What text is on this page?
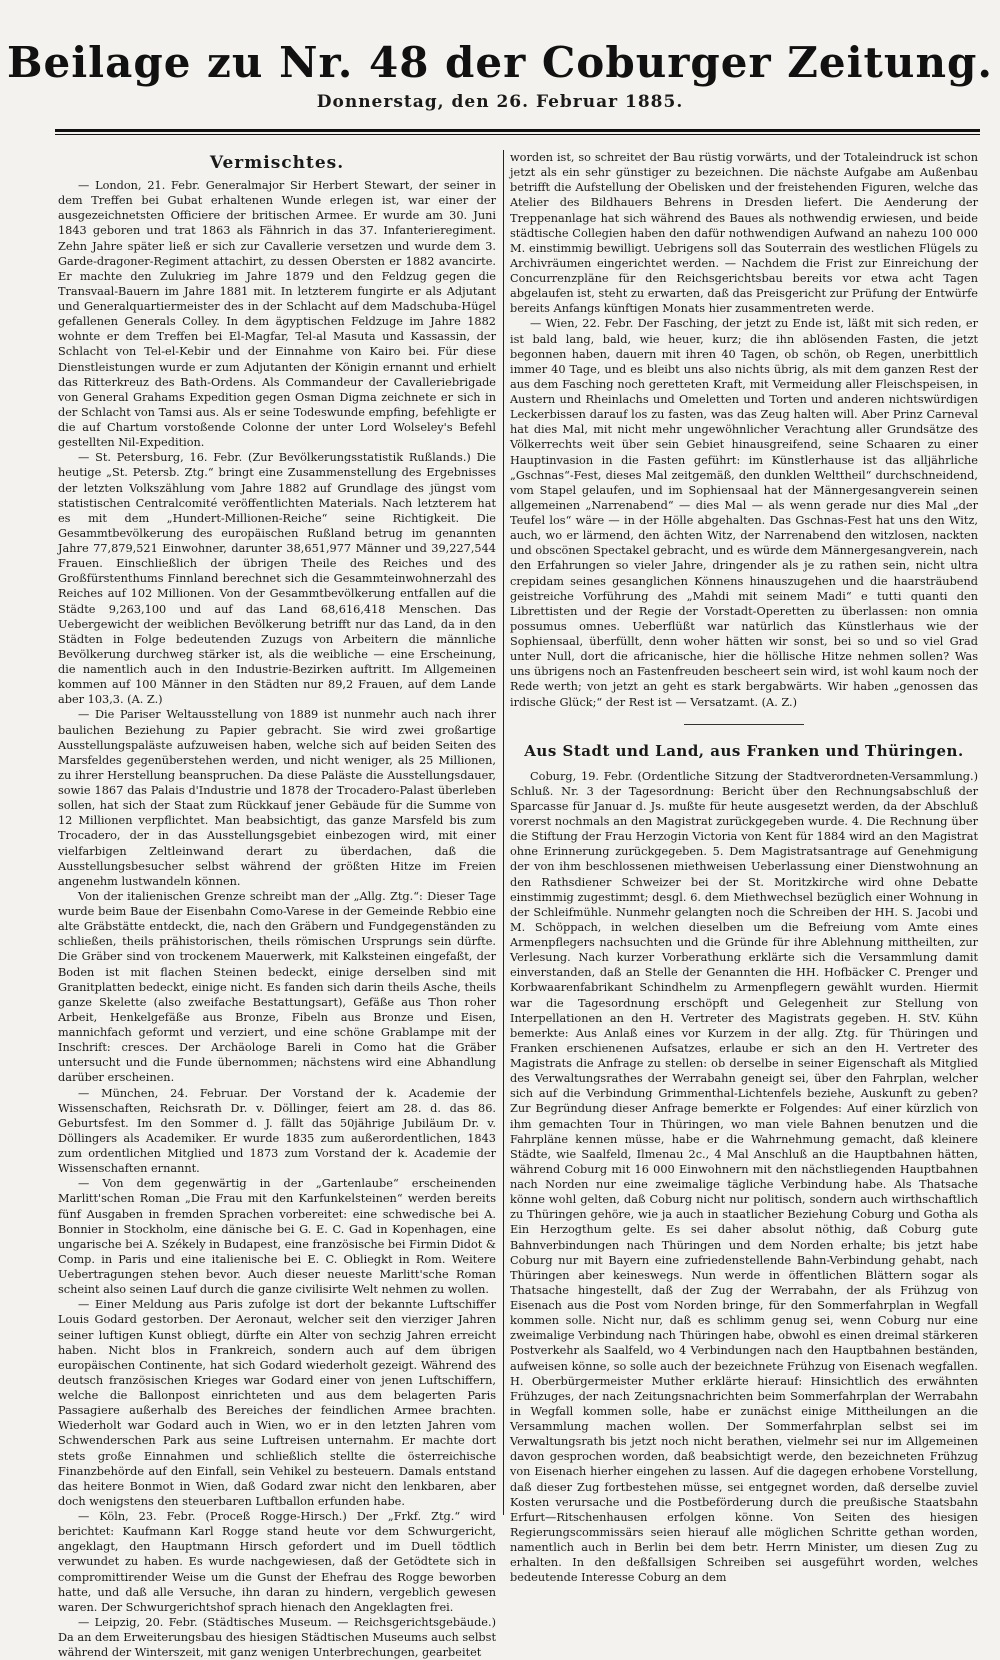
Beilage zu Nr. 48 der Coburger Zeitung.
Donnerstag, den 26. Februar 1885.
Vermischtes.

— London, 21. Febr. Generalmajor Sir Herbert Stewart, der seiner in dem Treffen bei Gubat erhaltenen Wunde erlegen ist, war einer der ausgezeichnetsten Officiere der britischen Armee. Er wurde am 30. Juni 1843 geboren und trat 1863 als Fähnrich in das 37. Infanterieregiment. Zehn Jahre später ließ er sich zur Cavallerie versetzen und wurde dem 3. Garde-dragoner-Regiment attachirt, zu dessen Obersten er 1882 avancirte. Er machte den Zulukrieg im Jahre 1879 und den Feldzug gegen die Transvaal-Bauern im Jahre 1881 mit. In letzterem fungirte er als Adjutant und Generalquartiermeister des in der Schlacht auf dem Madschuba-Hügel gefallenen Generals Colley. In dem ägyptischen Feldzuge im Jahre 1882 wohnte er dem Treffen bei El-Magfar, Tel-al Masuta und Kassassin, der Schlacht von Tel-el-Kebir und der Einnahme von Kairo bei. Für diese Dienstleistungen wurde er zum Adjutanten der Königin ernannt und erhielt das Ritterkreuz des Bath-Ordens. Als Commandeur der Cavalleriebrigade von General Grahams Expedition gegen Osman Digma zeichnete er sich in der Schlacht von Tamsi aus. Als er seine Todeswunde empfing, befehligte er die auf Chartum vorstoßende Colonne der unter Lord Wolseley's Befehl gestellten Nil-Expedition.

— St. Petersburg, 16. Febr. (Zur Bevölkerungsstatistik Rußlands.) Die heutige „St. Petersb. Ztg.“ bringt eine Zusammenstellung des Ergebnisses der letzten Volkszählung vom Jahre 1882 auf Grundlage des jüngst vom statistischen Centralcomité veröffentlichten Materials. Nach letzterem hat es mit dem „Hundert-Millionen-Reiche“ seine Richtigkeit. Die Gesammtbevölkerung des europäischen Rußland betrug im genannten Jahre 77,879,521 Einwohner, darunter 38,651,977 Männer und 39,227,544 Frauen. Einschließlich der übrigen Theile des Reiches und des Großfürstenthums Finnland berechnet sich die Gesammteinwohnerzahl des Reiches auf 102 Millionen. Von der Gesammtbevölkerung entfallen auf die Städte 9,263,100 und auf das Land 68,616,418 Menschen. Das Uebergewicht der weiblichen Bevölkerung betrifft nur das Land, da in den Städten in Folge bedeutenden Zuzugs von Arbeitern die männliche Bevölkerung durchweg stärker ist, als die weibliche — eine Erscheinung, die namentlich auch in den Industrie-Bezirken auftritt. Im Allgemeinen kommen auf 100 Männer in den Städten nur 89,2 Frauen, auf dem Lande aber 103,3. (A. Z.)

— Die Pariser Weltausstellung von 1889 ist nunmehr auch nach ihrer baulichen Beziehung zu Papier gebracht. Sie wird zwei großartige Ausstellungspaläste aufzuweisen haben, welche sich auf beiden Seiten des Marsfeldes gegenüberstehen werden, und nicht weniger, als 25 Millionen, zu ihrer Herstellung beanspruchen. Da diese Paläste die Ausstellungsdauer, sowie 1867 das Palais d'Industrie und 1878 der Trocadero-Palast überleben sollen, hat sich der Staat zum Rückkauf jener Gebäude für die Summe von 12 Millionen verpflichtet. Man beabsichtigt, das ganze Marsfeld bis zum Trocadero, der in das Ausstellungsgebiet einbezogen wird, mit einer vielfarbigen Zeltleinwand derart zu überdachen, daß die Ausstellungsbesucher selbst während der größten Hitze im Freien angenehm lustwandeln können.

Von der italienischen Grenze schreibt man der „Allg. Ztg.“: Dieser Tage wurde beim Baue der Eisenbahn Como-Varese in der Gemeinde Rebbio eine alte Gräbstätte entdeckt, die, nach den Gräbern und Fundgegenständen zu schließen, theils prähistorischen, theils römischen Ursprungs sein dürfte. Die Gräber sind von trockenem Mauerwerk, mit Kalksteinen eingefaßt, der Boden ist mit flachen Steinen bedeckt, einige derselben sind mit Granitplatten bedeckt, einige nicht. Es fanden sich darin theils Asche, theils ganze Skelette (also zweifache Bestattungsart), Gefäße aus Thon roher Arbeit, Henkelgefäße aus Bronze, Fibeln aus Bronze und Eisen, mannichfach geformt und verziert, und eine schöne Grablampe mit der Inschrift: cresces. Der Archäologe Bareli in Como hat die Gräber untersucht und die Funde übernommen; nächstens wird eine Abhandlung darüber erscheinen.

— München, 24. Februar. Der Vorstand der k. Academie der Wissenschaften, Reichsrath Dr. v. Döllinger, feiert am 28. d. das 86. Geburtsfest. Im den Sommer d. J. fällt das 50jährige Jubiläum Dr. v. Döllingers als Academiker. Er wurde 1835 zum außerordentlichen, 1843 zum ordentlichen Mitglied und 1873 zum Vorstand der k. Academie der Wissenschaften ernannt.

— Von dem gegenwärtig in der „Gartenlaube“ erscheinenden Marlitt'schen Roman „Die Frau mit den Karfunkelsteinen“ werden bereits fünf Ausgaben in fremden Sprachen vorbereitet: eine schwedische bei A. Bonnier in Stockholm, eine dänische bei G. E. C. Gad in Kopenhagen, eine ungarische bei A. Székely in Budapest, eine französische bei Firmin Didot & Comp. in Paris und eine italienische bei E. C. Obliegkt in Rom. Weitere Uebertragungen stehen bevor. Auch dieser neueste Marlitt'sche Roman scheint also seinen Lauf durch die ganze civilisirte Welt nehmen zu wollen.

— Einer Meldung aus Paris zufolge ist dort der bekannte Luftschiffer Louis Godard gestorben. Der Aeronaut, welcher seit den vierziger Jahren seiner luftigen Kunst obliegt, dürfte ein Alter von sechzig Jahren erreicht haben. Nicht blos in Frankreich, sondern auch auf dem übrigen europäischen Continente, hat sich Godard wiederholt gezeigt. Während des deutsch französischen Krieges war Godard einer von jenen Luftschiffern, welche die Ballonpost einrichteten und aus dem belagerten Paris Passagiere außerhalb des Bereiches der feindlichen Armee brachten. Wiederholt war Godard auch in Wien, wo er in den letzten Jahren vom Schwenderschen Park aus seine Luftreisen unternahm. Er machte dort stets große Einnahmen und schließlich stellte die österreichische Finanzbehörde auf den Einfall, sein Vehikel zu besteuern. Damals entstand das heitere Bonmot in Wien, daß Godard zwar nicht den lenkbaren, aber doch wenigstens den steuerbaren Luftballon erfunden habe.

— Köln, 23. Febr. (Proceß Rogge-Hirsch.) Der „Frkf. Ztg.“ wird berichtet: Kaufmann Karl Rogge stand heute vor dem Schwurgericht, angeklagt, den Hauptmann Hirsch gefordert und im Duell tödtlich verwundet zu haben. Es wurde nachgewiesen, daß der Getödtete sich in compromittirender Weise um die Gunst der Ehefrau des Rogge beworben hatte, und daß alle Versuche, ihn daran zu hindern, vergeblich gewesen waren. Der Schwurgerichtshof sprach hienach den Angeklagten frei.

— Leipzig, 20. Febr. (Städtisches Museum. — Reichsgerichtsgebäude.) Da an dem Erweiterungsbau des hiesigen Städtischen Museums auch selbst während der Winterszeit, mit ganz wenigen Unterbrechungen, gearbeitet

worden ist, so schreitet der Bau rüstig vorwärts, und der Totaleindruck ist schon jetzt als ein sehr günstiger zu bezeichnen. Die nächste Aufgabe am Außenbau betrifft die Aufstellung der Obelisken und der freistehenden Figuren, welche das Atelier des Bildhauers Behrens in Dresden liefert. Die Aenderung der Treppenanlage hat sich während des Baues als nothwendig erwiesen, und beide städtische Collegien haben den dafür nothwendigen Aufwand an nahezu 100 000 M. einstimmig bewilligt. Uebrigens soll das Souterrain des westlichen Flügels zu Archivräumen eingerichtet werden. — Nachdem die Frist zur Einreichung der Concurrenzpläne für den Reichsgerichtsbau bereits vor etwa acht Tagen abgelaufen ist, steht zu erwarten, daß das Preisgericht zur Prüfung der Entwürfe bereits Anfangs künftigen Monats hier zusammentreten werde.

— Wien, 22. Febr. Der Fasching, der jetzt zu Ende ist, läßt mit sich reden, er ist bald lang, bald, wie heuer, kurz; die ihn ablösenden Fasten, die jetzt begonnen haben, dauern mit ihren 40 Tagen, ob schön, ob Regen, unerbittlich immer 40 Tage, und es bleibt uns also nichts übrig, als mit dem ganzen Rest der aus dem Fasching noch geretteten Kraft, mit Vermeidung aller Fleischspeisen, in Austern und Rheinlachs und Omeletten und Torten und anderen nichtswürdigen Leckerbissen darauf los zu fasten, was das Zeug halten will. Aber Prinz Carneval hat dies Mal, mit nicht mehr ungewöhnlicher Verachtung aller Grundsätze des Völkerrechts weit über sein Gebiet hinausgreifend, seine Schaaren zu einer Hauptinvasion in die Fasten geführt: im Künstlerhause ist das alljährliche „Gschnas“-Fest, dieses Mal zeitgemäß, den dunklen Welttheil“ durchschneidend, vom Stapel gelaufen, und im Sophiensaal hat der Männergesangverein seinen allgemeinen „Narrenabend“ — dies Mal — als wenn gerade nur dies Mal „der Teufel los“ wäre — in der Hölle abgehalten. Das Gschnas-Fest hat uns den Witz, auch, wo er lärmend, den ächten Witz, der Narrenabend den witzlosen, nackten und obscönen Spectakel gebracht, und es würde dem Männergesangverein, nach den Erfahrungen so vieler Jahre, dringender als je zu rathen sein, nicht ultra crepidam seines gesanglichen Könnens hinauszugehen und die haarsträubend geistreiche Vorführung des „Mahdi mit seinem Madi“ e tutti quanti den Librettisten und der Regie der Vorstadt-Operetten zu überlassen: non omnia possumus omnes. Ueberflüßt war natürlich das Künstlerhaus wie der Sophiensaal, überfüllt, denn woher hätten wir sonst, bei so und so viel Grad unter Null, dort die africanische, hier die höllische Hitze nehmen sollen? Was uns übrigens noch an Fastenfreuden bescheert sein wird, ist wohl kaum noch der Rede werth; von jetzt an geht es stark bergabwärts. Wir haben „genossen das irdische Glück;“ der Rest ist — Versatzamt. (A. Z.)

Aus Stadt und Land, aus Franken und Thüringen.

Coburg, 19. Febr. (Ordentliche Sitzung der Stadtverordneten-Versammlung.) Schluß. Nr. 3 der Tagesordnung: Bericht über den Rechnungsabschluß der Sparcasse für Januar d. Js. mußte für heute ausgesetzt werden, da der Abschluß vorerst nochmals an den Magistrat zurückgegeben wurde. 4. Die Rechnung über die Stiftung der Frau Herzogin Victoria von Kent für 1884 wird an den Magistrat ohne Erinnerung zurückgegeben. 5. Dem Magistratsantrage auf Genehmigung der von ihm beschlossenen miethweisen Ueberlassung einer Dienstwohnung an den Rathsdiener Schweizer bei der St. Moritzkirche wird ohne Debatte einstimmig zugestimmt; desgl. 6. dem Miethwechsel bezüglich einer Wohnung in der Schleifmühle. Nunmehr gelangten noch die Schreiben der HH. S. Jacobi und M. Schöppach, in welchen dieselben um die Befreiung vom Amte eines Armenpflegers nachsuchten und die Gründe für ihre Ablehnung mittheilten, zur Verlesung. Nach kurzer Vorberathung erklärte sich die Versammlung damit einverstanden, daß an Stelle der Genannten die HH. Hofbäcker C. Prenger und Korbwaarenfabrikant Schindhelm zu Armenpflegern gewählt wurden. Hiermit war die Tagesordnung erschöpft und Gelegenheit zur Stellung von Interpellationen an den H. Vertreter des Magistrats gegeben. H. StV. Kühn bemerkte: Aus Anlaß eines vor Kurzem in der allg. Ztg. für Thüringen und Franken erschienenen Aufsatzes, erlaube er sich an den H. Vertreter des Magistrats die Anfrage zu stellen: ob derselbe in seiner Eigenschaft als Mitglied des Verwaltungsrathes der Werrabahn geneigt sei, über den Fahrplan, welcher sich auf die Verbindung Grimmenthal-Lichtenfels beziehe, Auskunft zu geben? Zur Begründung dieser Anfrage bemerkte er Folgendes: Auf einer kürzlich von ihm gemachten Tour in Thüringen, wo man viele Bahnen benutzen und die Fahrpläne kennen müsse, habe er die Wahrnehmung gemacht, daß kleinere Städte, wie Saalfeld, Ilmenau 2c., 4 Mal Anschluß an die Hauptbahnen hätten, während Coburg mit 16 000 Einwohnern mit den nächstliegenden Hauptbahnen nach Norden nur eine zweimalige tägliche Verbindung habe. Als Thatsache könne wohl gelten, daß Coburg nicht nur politisch, sondern auch wirthschaftlich zu Thüringen gehöre, wie ja auch in staatlicher Beziehung Coburg und Gotha als Ein Herzogthum gelte. Es sei daher absolut nöthig, daß Coburg gute Bahnverbindungen nach Thüringen und dem Norden erhalte; bis jetzt habe Coburg nur mit Bayern eine zufriedenstellende Bahn-Verbindung gehabt, nach Thüringen aber keineswegs. Nun werde in öffentlichen Blättern sogar als Thatsache hingestellt, daß der Zug der Werrabahn, der als Frühzug von Eisenach aus die Post vom Norden bringe, für den Sommerfahrplan in Wegfall kommen solle. Nicht nur, daß es schlimm genug sei, wenn Coburg nur eine zweimalige Verbindung nach Thüringen habe, obwohl es einen dreimal stärkeren Postverkehr als Saalfeld, wo 4 Verbindungen nach den Hauptbahnen beständen, aufweisen könne, so solle auch der bezeichnete Frühzug von Eisenach wegfallen. H. Oberbürgermeister Muther erklärte hierauf: Hinsichtlich des erwähnten Frühzuges, der nach Zeitungsnachrichten beim Sommerfahrplan der Werrabahn in Wegfall kommen solle, habe er zunächst einige Mittheilungen an die Versammlung machen wollen. Der Sommerfahrplan selbst sei im Verwaltungsrath bis jetzt noch nicht berathen, vielmehr sei nur im Allgemeinen davon gesprochen worden, daß beabsichtigt werde, den bezeichneten Frühzug von Eisenach hierher eingehen zu lassen. Auf die dagegen erhobene Vorstellung, daß dieser Zug fortbestehen müsse, sei entgegnet worden, daß derselbe zuviel Kosten verursache und die Postbeförderung durch die preußische Staatsbahn Erfurt—Ritschenhausen erfolgen könne. Von Seiten des hiesigen Regierungscommissärs seien hierauf alle möglichen Schritte gethan worden, namentlich auch in Berlin bei dem betr. Herrn Minister, um diesen Zug zu erhalten. In den deßfallsigen Schreiben sei ausgeführt worden, welches bedeutende Interesse Coburg an dem
